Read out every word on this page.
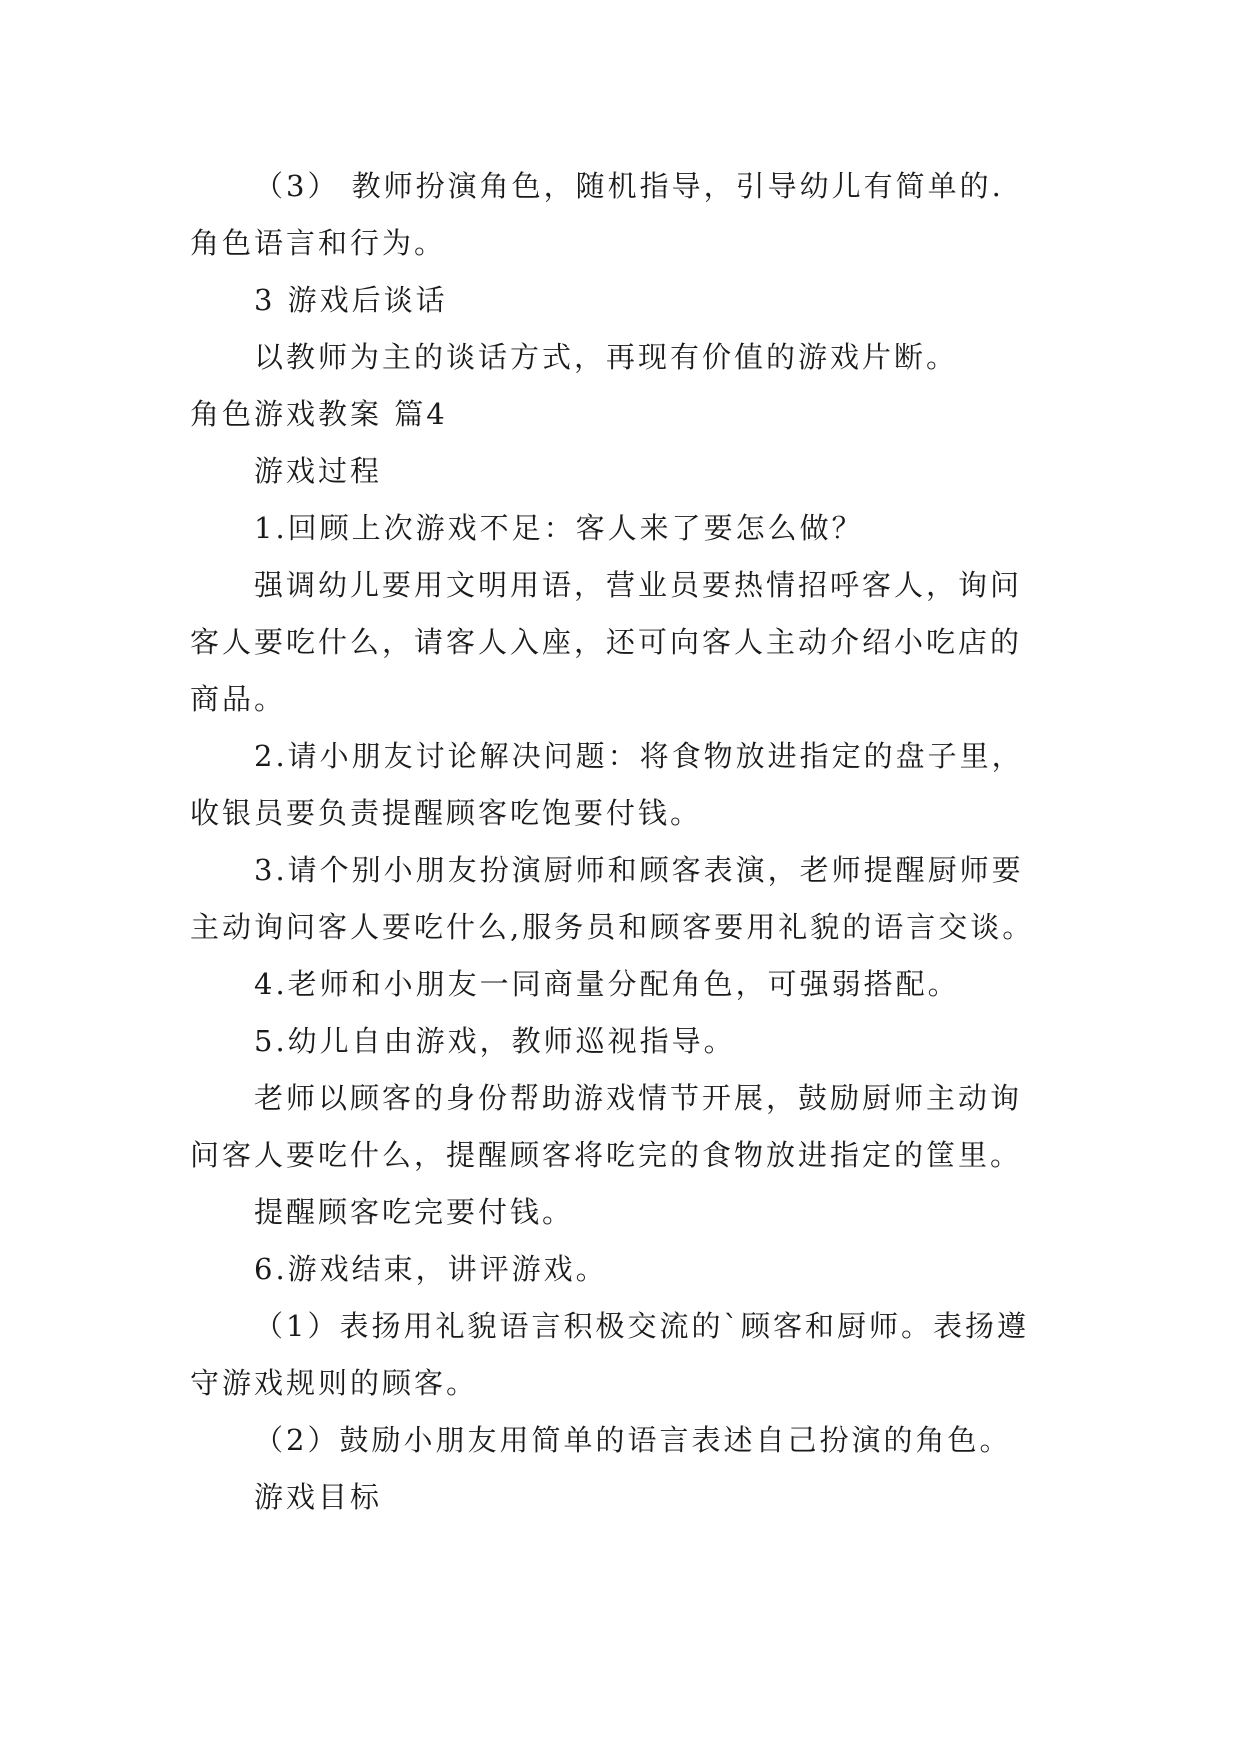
（3） 教师扮演角色，随机指导，引导幼儿有简单的.
角色语言和行为。
3 游戏后谈话
以教师为主的谈话方式，再现有价值的游戏片断。
角色游戏教案 篇4
游戏过程
1.回顾上次游戏不足：客人来了要怎么做？
强调幼儿要用文明用语，营业员要热情招呼客人，询问
客人要吃什么，请客人入座，还可向客人主动介绍小吃店的
商品。
2.请小朋友讨论解决问题：将食物放进指定的盘子里，
收银员要负责提醒顾客吃饱要付钱。
3.请个别小朋友扮演厨师和顾客表演，老师提醒厨师要
主动询问客人要吃什么,服务员和顾客要用礼貌的语言交谈。
4.老师和小朋友一同商量分配角色，可强弱搭配。
5.幼儿自由游戏，教师巡视指导。
老师以顾客的身份帮助游戏情节开展，鼓励厨师主动询
问客人要吃什么，提醒顾客将吃完的食物放进指定的筐里。
提醒顾客吃完要付钱。
6.游戏结束，讲评游戏。
（1）表扬用礼貌语言积极交流的`顾客和厨师。表扬遵
守游戏规则的顾客。
（2）鼓励小朋友用简单的语言表述自己扮演的角色。
游戏目标
